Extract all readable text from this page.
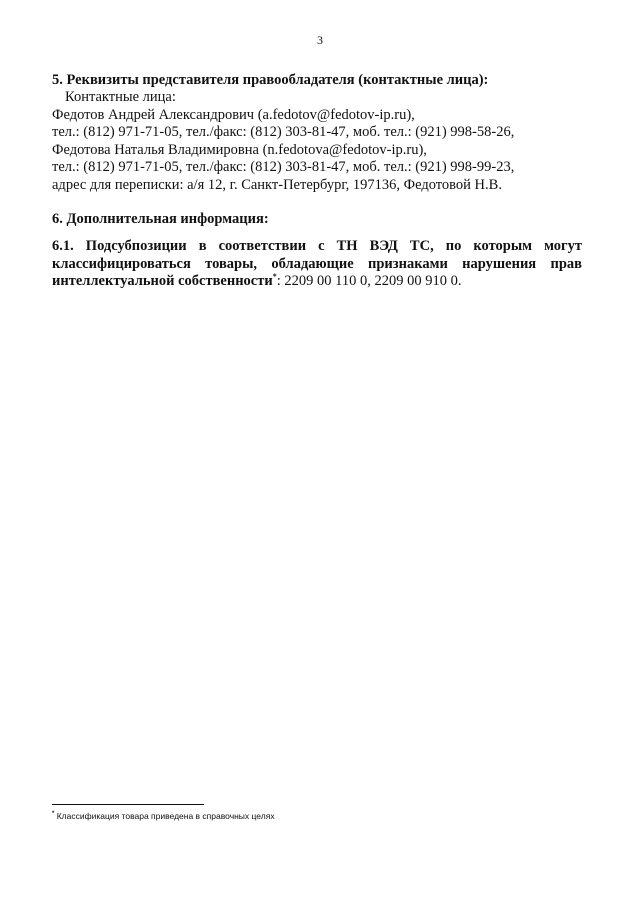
3

5. Реквизиты представителя правообладателя (контактные лица):

Контактные лица:

Федотов Андрей Александрович (a.fedotov@fedotov-ip.ru),

тел.: (812) 971-71-05, тел./факс: (812) 303-81-47, моб. тел.: (921) 998-58-26,

Федотова Наталья Владимировна (n.fedotova@fedotov-ip.ru),

тел.: (812) 971-71-05, тел./факс: (812) 303-81-47, моб. тел.: (921) 998-99-23,

адрес для переписки: а/я 12, г. Санкт-Петербург, 197136, Федотовой Н.В.

6. Дополнительная информация:

6.1. Подсубпозиции в соответствии с ТН ВЭД ТС, по которым могут классифицироваться товары, обладающие признаками нарушения прав интеллектуальной собственности*: 2209 00 110 0, 2209 00 910 0.

* Классификация товара приведена в справочных целях
